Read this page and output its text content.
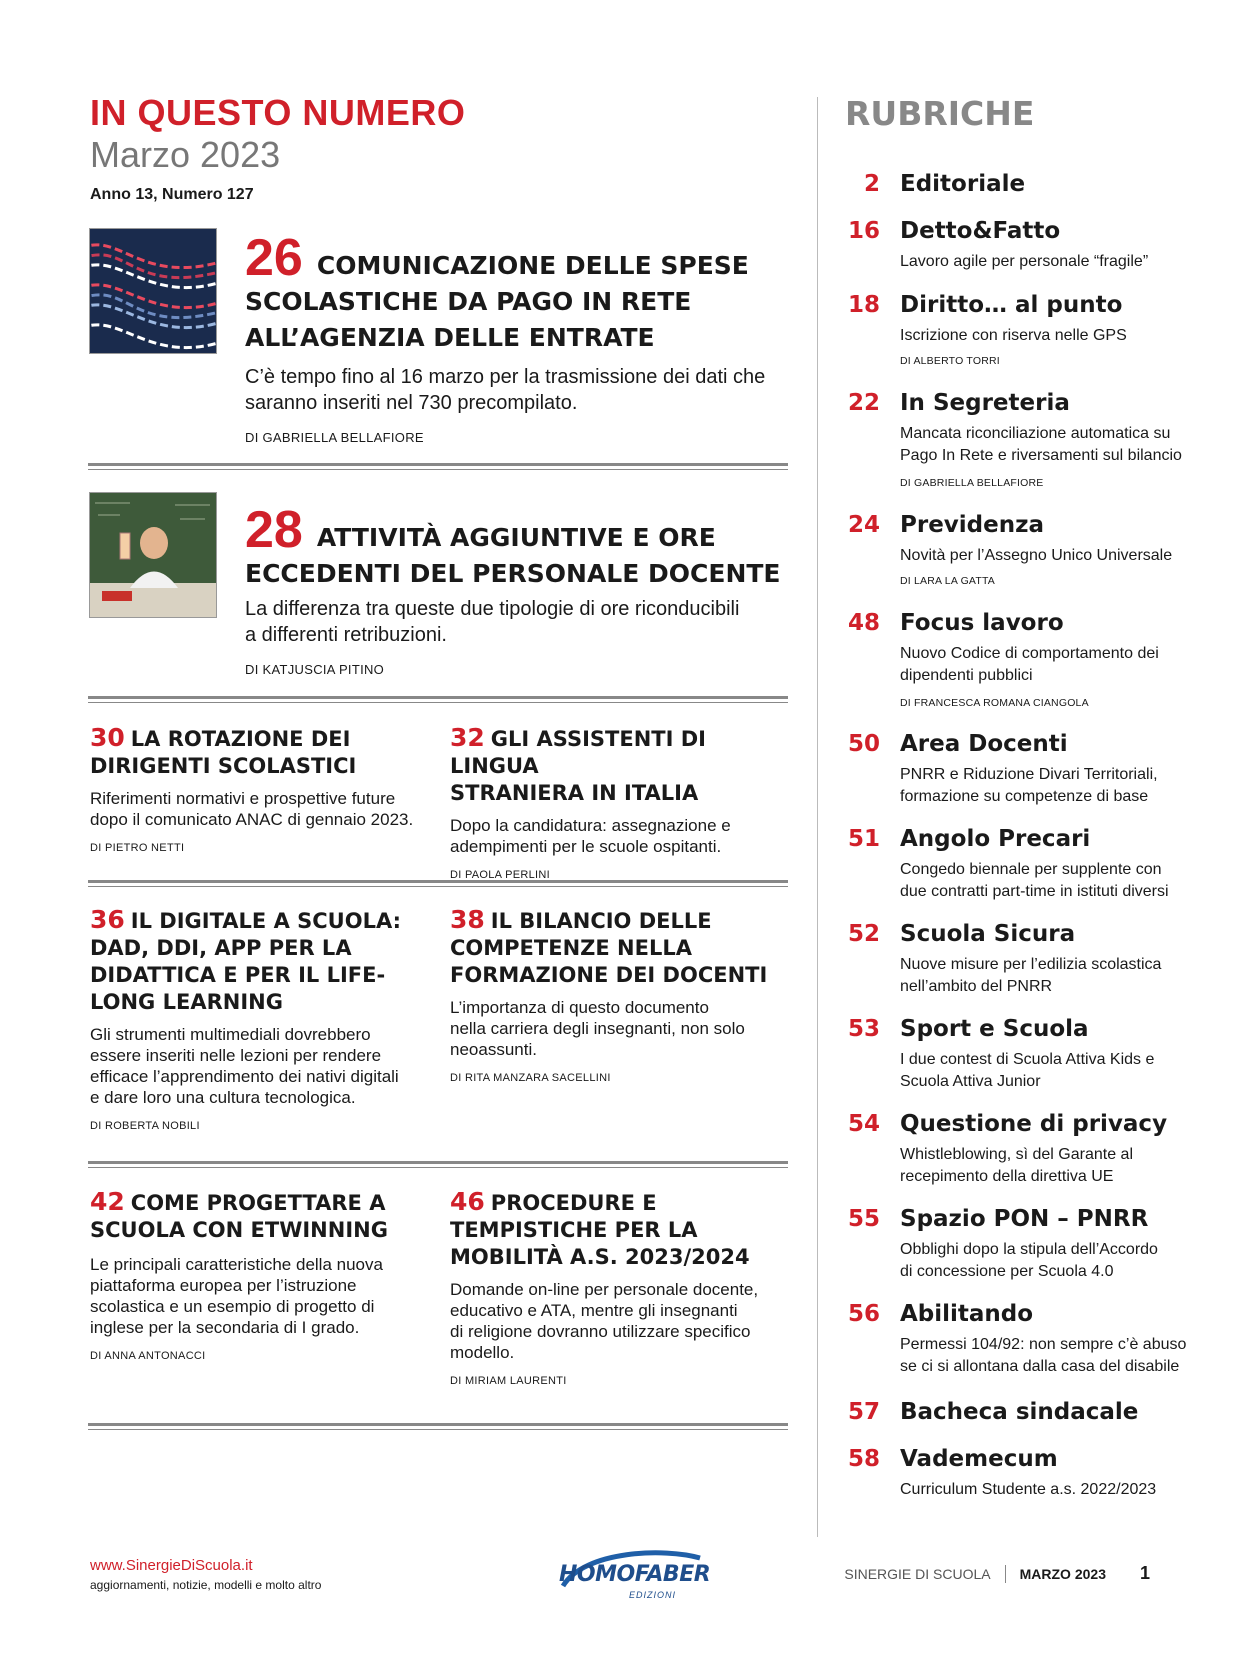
IN QUESTO NUMERO
Marzo 2023
Anno 13, Numero 127
26 COMUNICAZIONE DELLE SPESE
SCOLASTICHE DA PAGO IN RETE
ALL’AGENZIA DELLE ENTRATE
C’è tempo fino al 16 marzo per la trasmissione dei dati che
saranno inseriti nel 730 precompilato.
DI GABRIELLA BELLAFIORE
28 ATTIVITÀ AGGIUNTIVE E ORE
ECCEDENTI DEL PERSONALE DOCENTE
La differenza tra queste due tipologie di ore riconducibili
a differenti retribuzioni.
DI KATJUSCIA PITINO
30 LA ROTAZIONE DEI
DIRIGENTI SCOLASTICI
Riferimenti normativi e prospettive future
dopo il comunicato ANAC di gennaio 2023.
DI PIETRO NETTI
32 GLI ASSISTENTI DI LINGUA
STRANIERA IN ITALIA
Dopo la candidatura: assegnazione e
adempimenti per le scuole ospitanti.
DI PAOLA PERLINI
36 IL DIGITALE A SCUOLA:
DAD, DDI, APP PER LA
DIDATTICA E PER IL LIFE-
LONG LEARNING
Gli strumenti multimediali dovrebbero
essere inseriti nelle lezioni per rendere
efficace l’apprendimento dei nativi digitali
e dare loro una cultura tecnologica.
DI ROBERTA NOBILI
38 IL BILANCIO DELLE
COMPETENZE NELLA
FORMAZIONE DEI DOCENTI
L’importanza di questo documento
nella carriera degli insegnanti, non solo
neoassunti.
DI RITA MANZARA SACELLINI
42 COME PROGETTARE A
SCUOLA CON ETWINNING
Le principali caratteristiche della nuova
piattaforma europea per l’istruzione
scolastica e un esempio di progetto di
inglese per la secondaria di I grado.
DI ANNA ANTONACCI
46 PROCEDURE E
TEMPISTICHE PER LA
MOBILITÀ A.S. 2023/2024
Domande on-line per personale docente,
educativo e ATA, mentre gli insegnanti
di religione dovranno utilizzare specifico
modello.
DI MIRIAM LAURENTI
RUBRICHE
2 Editoriale
16 Detto&Fatto
Lavoro agile per personale “fragile”
18 Diritto… al punto
Iscrizione con riserva nelle GPS
DI ALBERTO TORRI
22 In Segreteria
Mancata riconciliazione automatica su
Pago In Rete e riversamenti sul bilancio
DI GABRIELLA BELLAFIORE
24 Previdenza
Novità per l’Assegno Unico Universale
DI LARA LA GATTA
48 Focus lavoro
Nuovo Codice di comportamento dei
dipendenti pubblici
DI FRANCESCA ROMANA CIANGOLA
50 Area Docenti
PNRR e Riduzione Divari Territoriali,
formazione su competenze di base
51 Angolo Precari
Congedo biennale per supplente con
due contratti part-time in istituti diversi
52 Scuola Sicura
Nuove misure per l’edilizia scolastica
nell’ambito del PNRR
53 Sport e Scuola
I due contest di Scuola Attiva Kids e
Scuola Attiva Junior
54 Questione di privacy
Whistleblowing, sì del Garante al
recepimento della direttiva UE
55 Spazio PON – PNRR
Obblighi dopo la stipula dell’Accordo
di concessione per Scuola 4.0
56 Abilitando
Permessi 104/92: non sempre c’è abuso
se ci si allontana dalla casa del disabile
57 Bacheca sindacale
58 Vademecum
Curriculum Studente a.s. 2022/2023
www.SinergieDiScuola.it
aggiornamenti, notizie, modelli e molto altro	HOMOFABER
EDIZIONI
SINERGIE DI SCUOLA MARZO 2023 1
